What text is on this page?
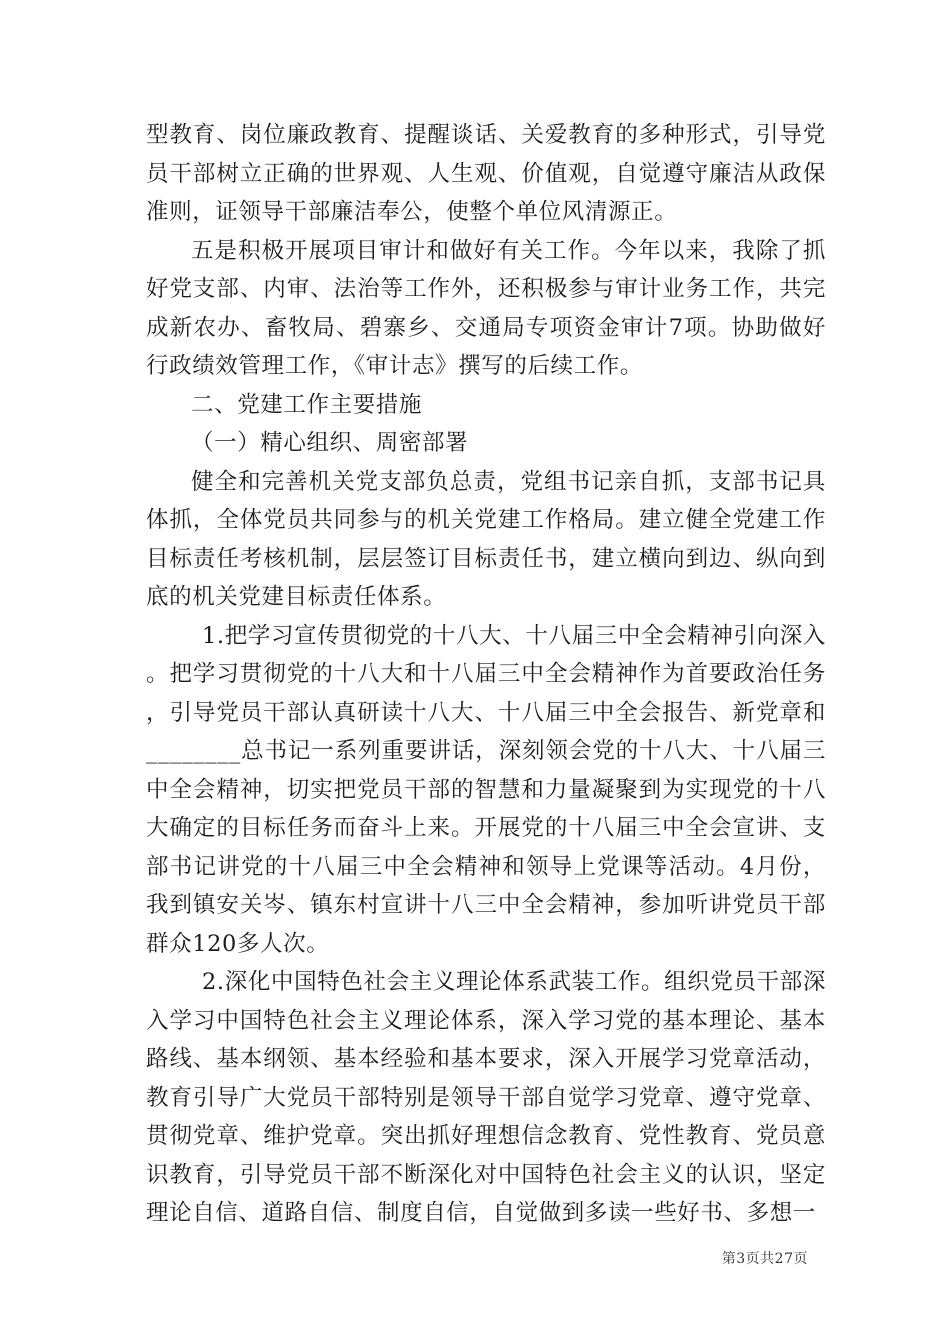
型教育、岗位廉政教育、提醒谈话、关爱教育的多种形式，引导党员干部树立正确的世界观、人生观、价值观，自觉遵守廉洁从政保准则，证领导干部廉洁奉公，使整个单位风清源正。

五是积极开展项目审计和做好有关工作。今年以来，我除了抓好党支部、内审、法治等工作外，还积极参与审计业务工作，共完成新农办、畜牧局、碧寨乡、交通局专项资金审计7项。协助做好行政绩效管理工作，《审计志》撰写的后续工作。

二、党建工作主要措施

（一）精心组织、周密部署

健全和完善机关党支部负总责，党组书记亲自抓，支部书记具体抓，全体党员共同参与的机关党建工作格局。建立健全党建工作目标责任考核机制，层层签订目标责任书，建立横向到边、纵向到底的机关党建目标责任体系。

1.把学习宣传贯彻党的十八大、十八届三中全会精神引向深入。把学习贯彻党的十八大和十八届三中全会精神作为首要政治任务，引导党员干部认真研读十八大、十八届三中全会报告、新党章和________总书记一系列重要讲话，深刻领会党的十八大、十八届三中全会精神，切实把党员干部的智慧和力量凝聚到为实现党的十八大确定的目标任务而奋斗上来。开展党的十八届三中全会宣讲、支部书记讲党的十八届三中全会精神和领导上党课等活动。4月份，我到镇安关岑、镇东村宣讲十八三中全会精神，参加听讲党员干部群众120多人次。

2.深化中国特色社会主义理论体系武装工作。组织党员干部深入学习中国特色社会主义理论体系，深入学习党的基本理论、基本路线、基本纲领、基本经验和基本要求，深入开展学习党章活动，教育引导广大党员干部特别是领导干部自觉学习党章、遵守党章、贯彻党章、维护党章。突出抓好理想信念教育、党性教育、党员意识教育，引导党员干部不断深化对中国特色社会主义的认识，坚定理论自信、道路自信、制度自信，自觉做到多读一些好书、多想一

第3页共27页
